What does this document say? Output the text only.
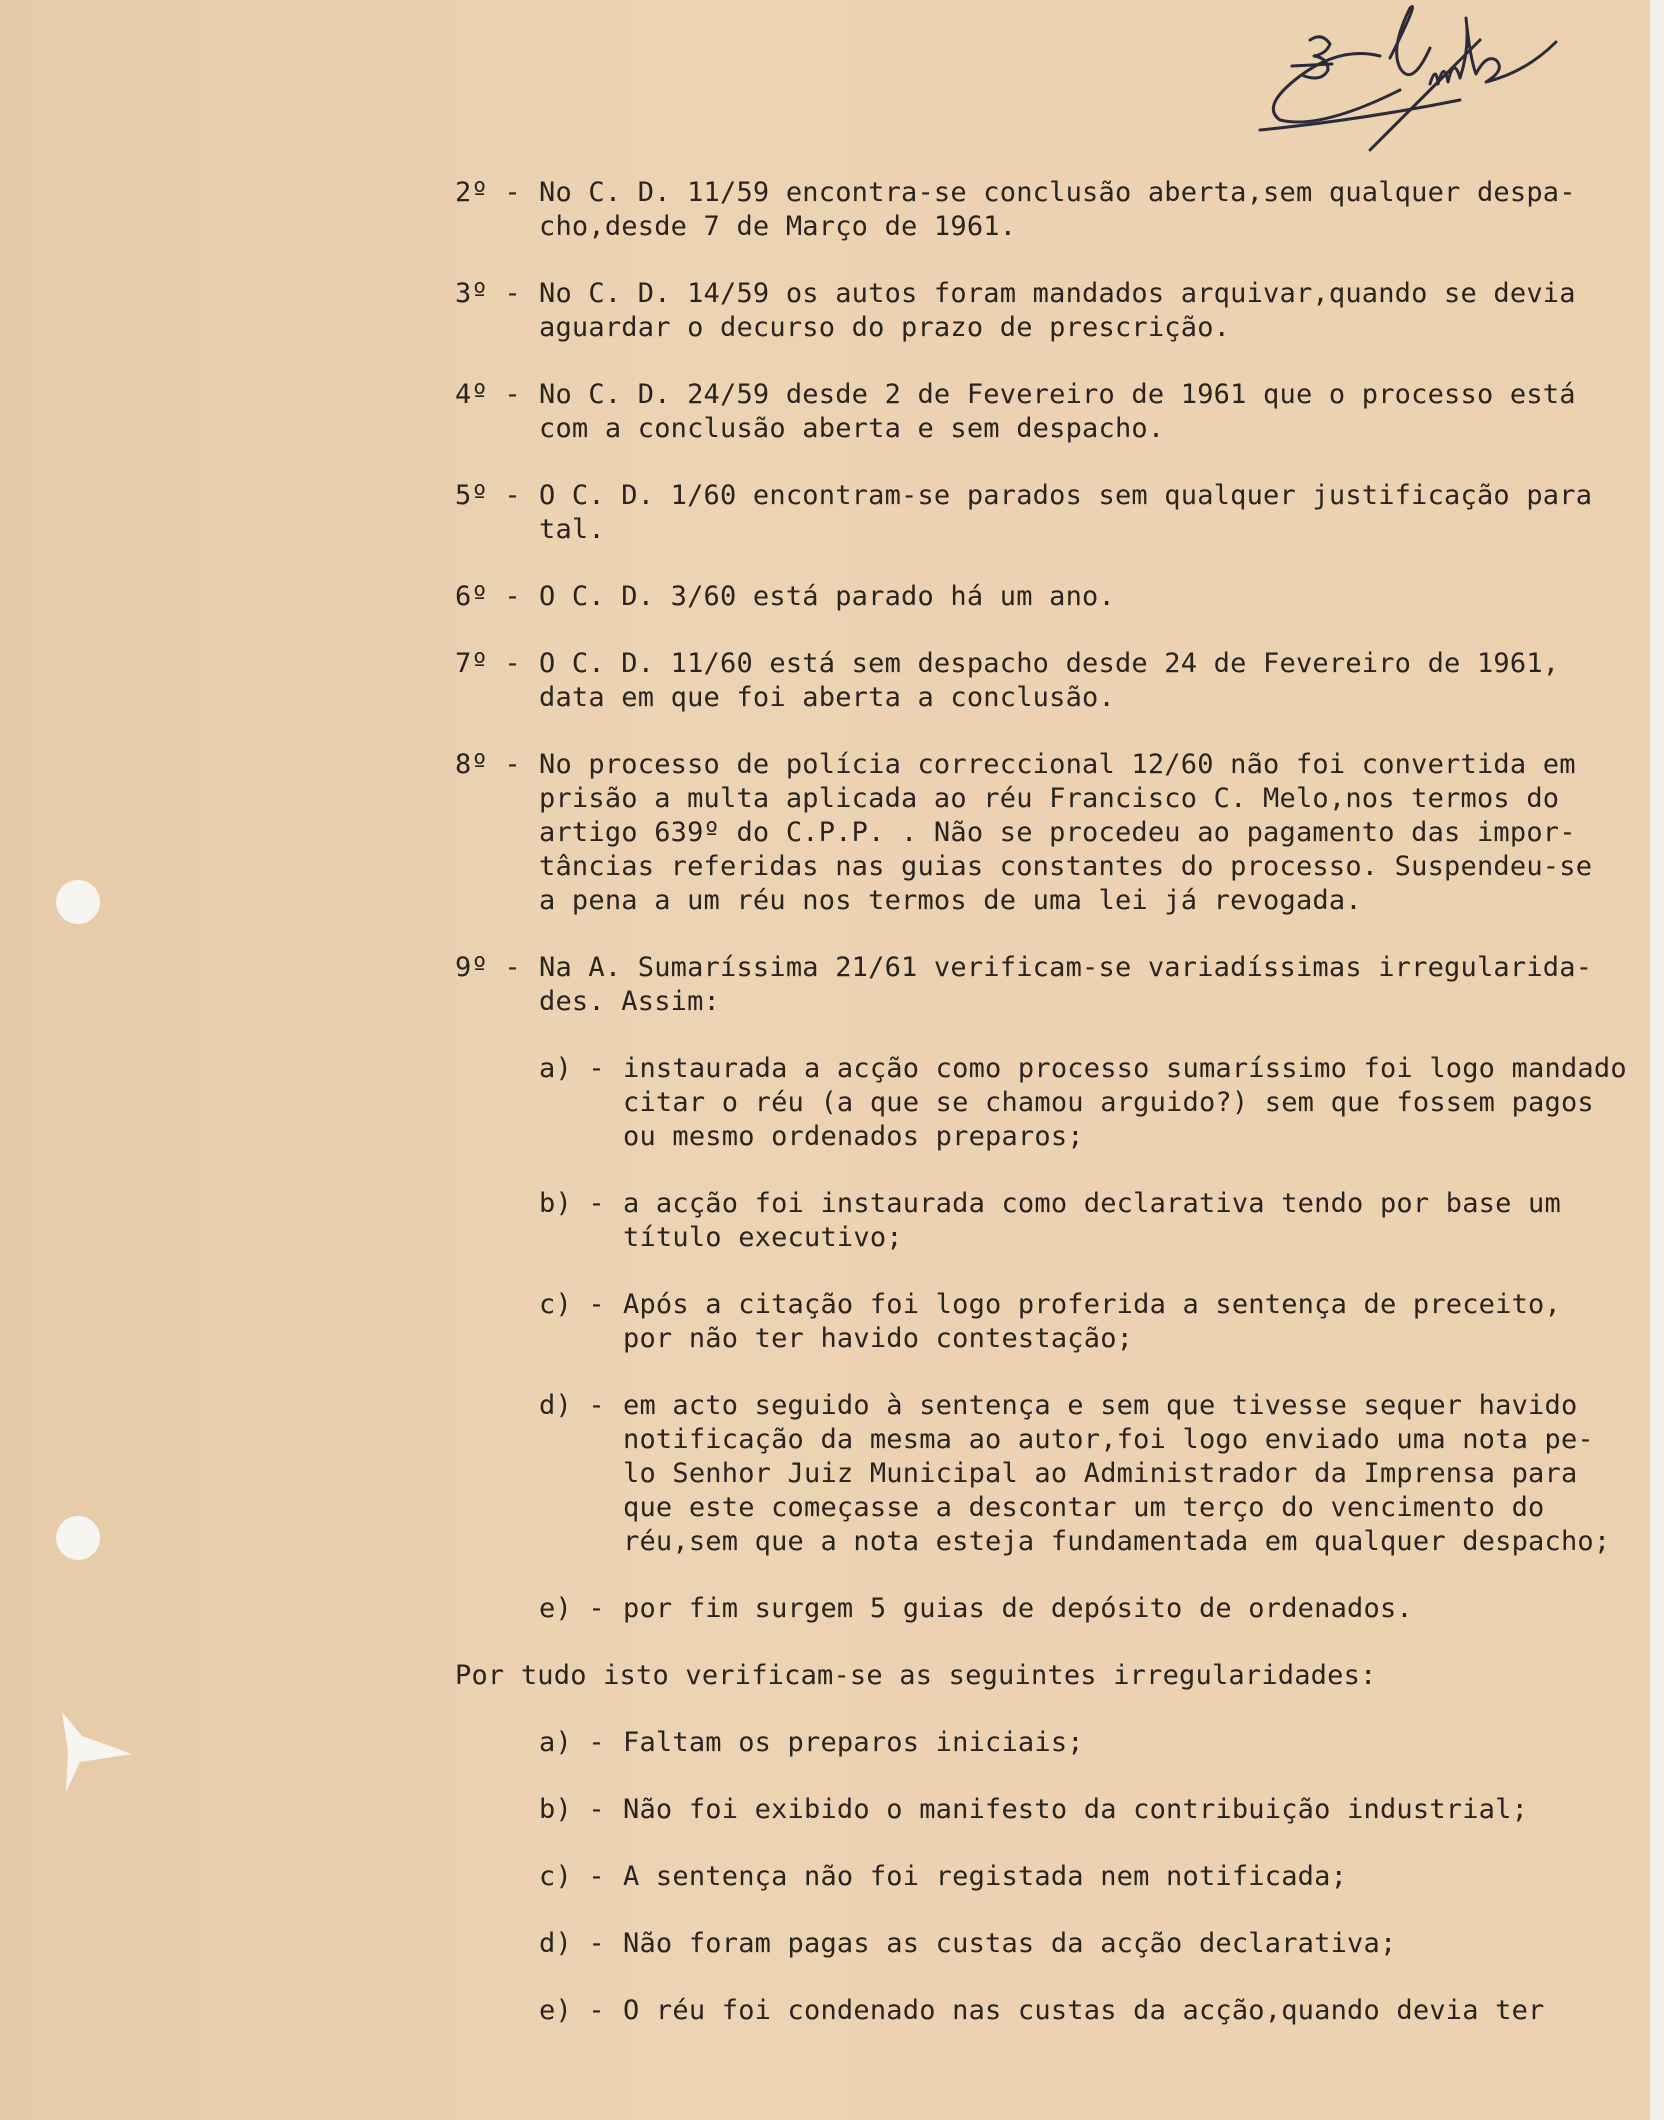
2º - No C. D. 11/59 encontra-se conclusão aberta,sem qualquer despa-
cho,desde 7 de Março de 1961.
3º - No C. D. 14/59 os autos foram mandados arquivar,quando se devia
aguardar o decurso do prazo de prescrição.
4º - No C. D. 24/59 desde 2 de Fevereiro de 1961 que o processo está
com a conclusão aberta e sem despacho.
5º - O C. D. 1/60 encontram-se parados sem qualquer justificação para
tal.
6º - O C. D. 3/60 está parado há um ano.
7º - O C. D. 11/60 está sem despacho desde 24 de Fevereiro de 1961,
data em que foi aberta a conclusão.
8º - No processo de polícia correccional 12/60 não foi convertida em
prisão a multa aplicada ao réu Francisco C. Melo,nos termos do
artigo 639º do C.P.P. . Não se procedeu ao pagamento das impor-
tâncias referidas nas guias constantes do processo. Suspendeu-se
a pena a um réu nos termos de uma lei já revogada.
9º - Na A. Sumaríssima 21/61 verificam-se variadíssimas irregularida-
des. Assim:
a) - instaurada a acção como processo sumaríssimo foi logo mandado
citar o réu (a que se chamou arguido?) sem que fossem pagos
ou mesmo ordenados preparos;
b) - a acção foi instaurada como declarativa tendo por base um
título executivo;
c) - Após a citação foi logo proferida a sentença de preceito,
por não ter havido contestação;
d) - em acto seguido à sentença e sem que tivesse sequer havido
notificação da mesma ao autor,foi logo enviado uma nota pe-
lo Senhor Juiz Municipal ao Administrador da Imprensa para
que este começasse a descontar um terço do vencimento do
réu,sem que a nota esteja fundamentada em qualquer despacho;
e) - por fim surgem 5 guias de depósito de ordenados.
Por tudo isto verificam-se as seguintes irregularidades:
a) - Faltam os preparos iniciais;
b) - Não foi exibido o manifesto da contribuição industrial;
c) - A sentença não foi registada nem notificada;
d) - Não foram pagas as custas da acção declarativa;
e) - O réu foi condenado nas custas da acção,quando devia ter
